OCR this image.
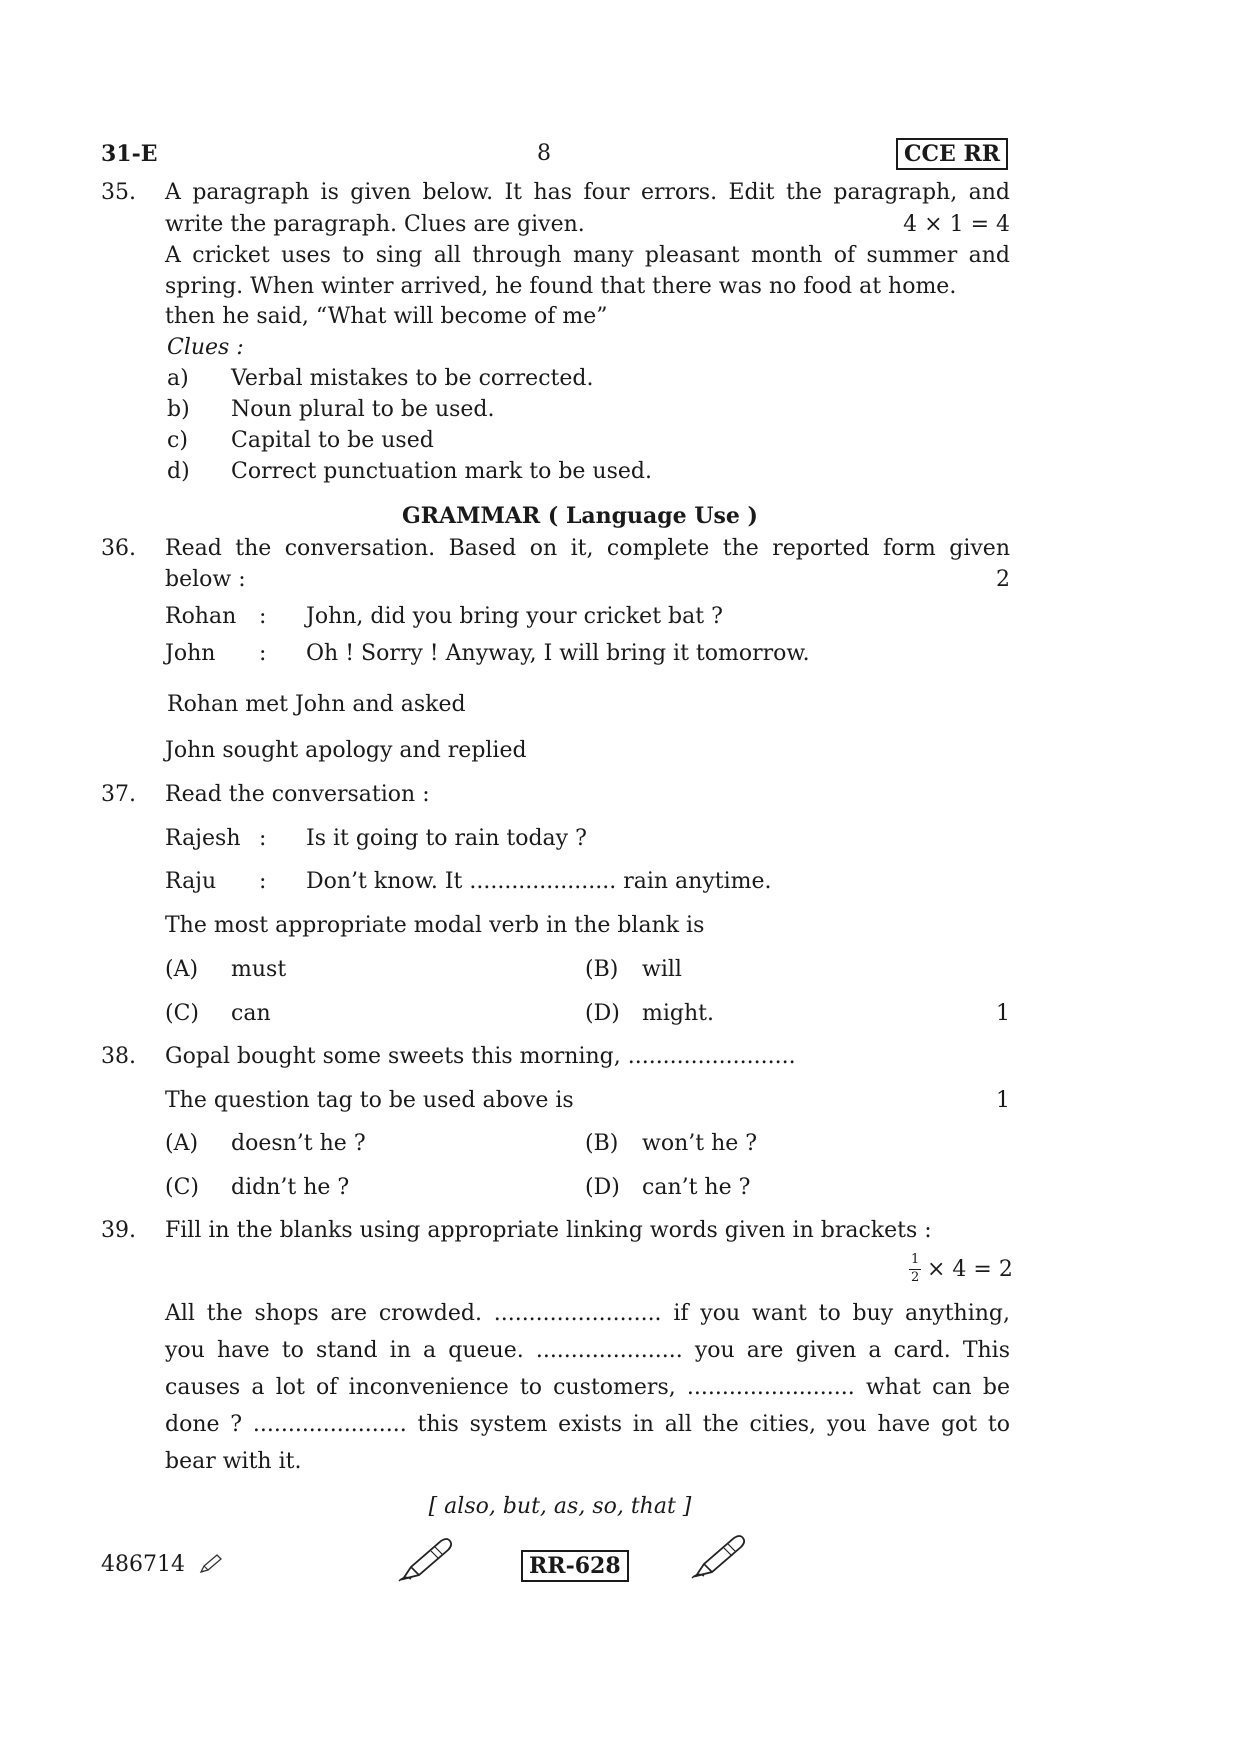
31-E	8	CCE RR
35. A paragraph is given below. It has four errors. Edit the paragraph, and
write the paragraph. Clues are given.	4 × 1 = 4
A cricket uses to sing all through many pleasant month of summer and
spring. When winter arrived, he found that there was no food at home.
then he said, “What will become of me”
Clues :
a) Verbal mistakes to be corrected.
b) Noun plural to be used.
c) Capital to be used
d) Correct punctuation mark to be used.
GRAMMAR ( Language Use )
36. Read the conversation. Based on it, complete the reported form given
below :	2
Rohan : John, did you bring your cricket bat ?
John : Oh ! Sorry ! Anyway, I will bring it tomorrow.
Rohan met John and asked
John sought apology and replied
37. Read the conversation :
Rajesh : Is it going to rain today ?
Raju : Don’t know. It ..................... rain anytime.
The most appropriate modal verb in the blank is
(A) must	(B) will
(C) can	(D) might.	1
38. Gopal bought some sweets this morning, ........................
The question tag to be used above is	1
(A) doesn’t he ?	(B) won’t he ?
(C) didn’t he ?	(D) can’t he ?
39. Fill in the blanks using appropriate linking words given in brackets :
1
2 × 4 = 2
All the shops are crowded. ........................ if you want to buy anything,
you have to stand in a queue. ..................... you are given a card. This
causes a lot of inconvenience to customers, ........................ what can be
done ? ...................... this system exists in all the cities, you have got to
bear with it.
[ also, but, as, so, that ]
486714	RR-628
